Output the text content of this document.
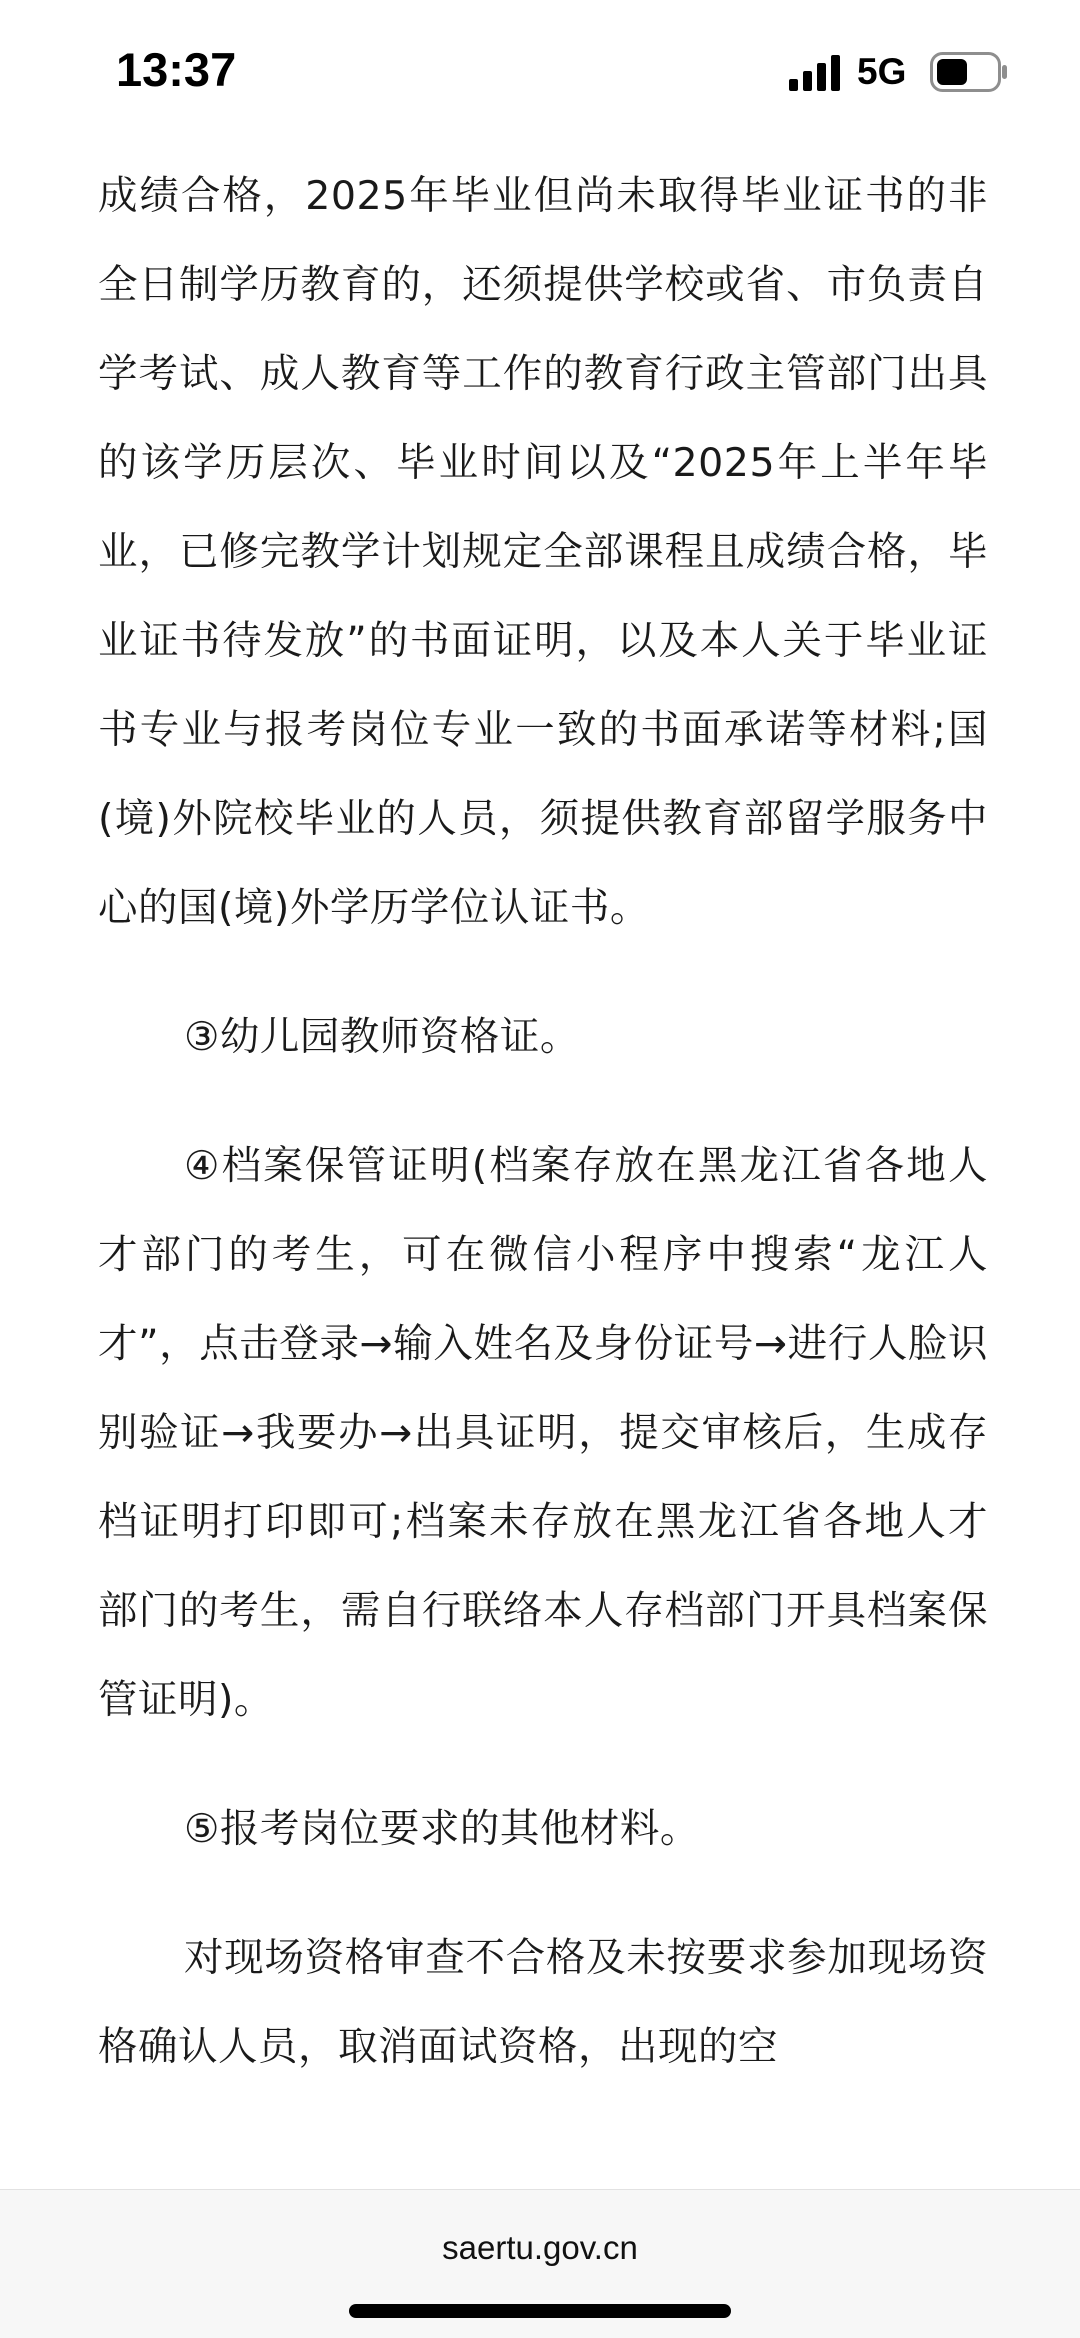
13:37	5G

成绩合格，2025年毕业但尚未取得毕业证书的非全日制学历教育的，还须提供学校或省、市负责自学考试、成人教育等工作的教育行政主管部门出具的该学历层次、毕业时间以及“2025年上半年毕业，已修完教学计划规定全部课程且成绩合格，毕业证书待发放”的书面证明，以及本人关于毕业证书专业与报考岗位专业一致的书面承诺等材料;国(境)外院校毕业的人员，须提供教育部留学服务中心的国(境)外学历学位认证书。

③幼儿园教师资格证。

④档案保管证明(档案存放在黑龙江省各地人才部门的考生，可在微信小程序中搜索“龙江人才”，点击登录→输入姓名及身份证号→进行人脸识别验证→我要办→出具证明，提交审核后，生成存档证明打印即可;档案未存放在黑龙江省各地人才部门的考生，需自行联络本人存档部门开具档案保管证明)。

⑤报考岗位要求的其他材料。

对现场资格审查不合格及未按要求参加现场资格确认人员，取消面试资格，出现的空

saertu.gov.cn
